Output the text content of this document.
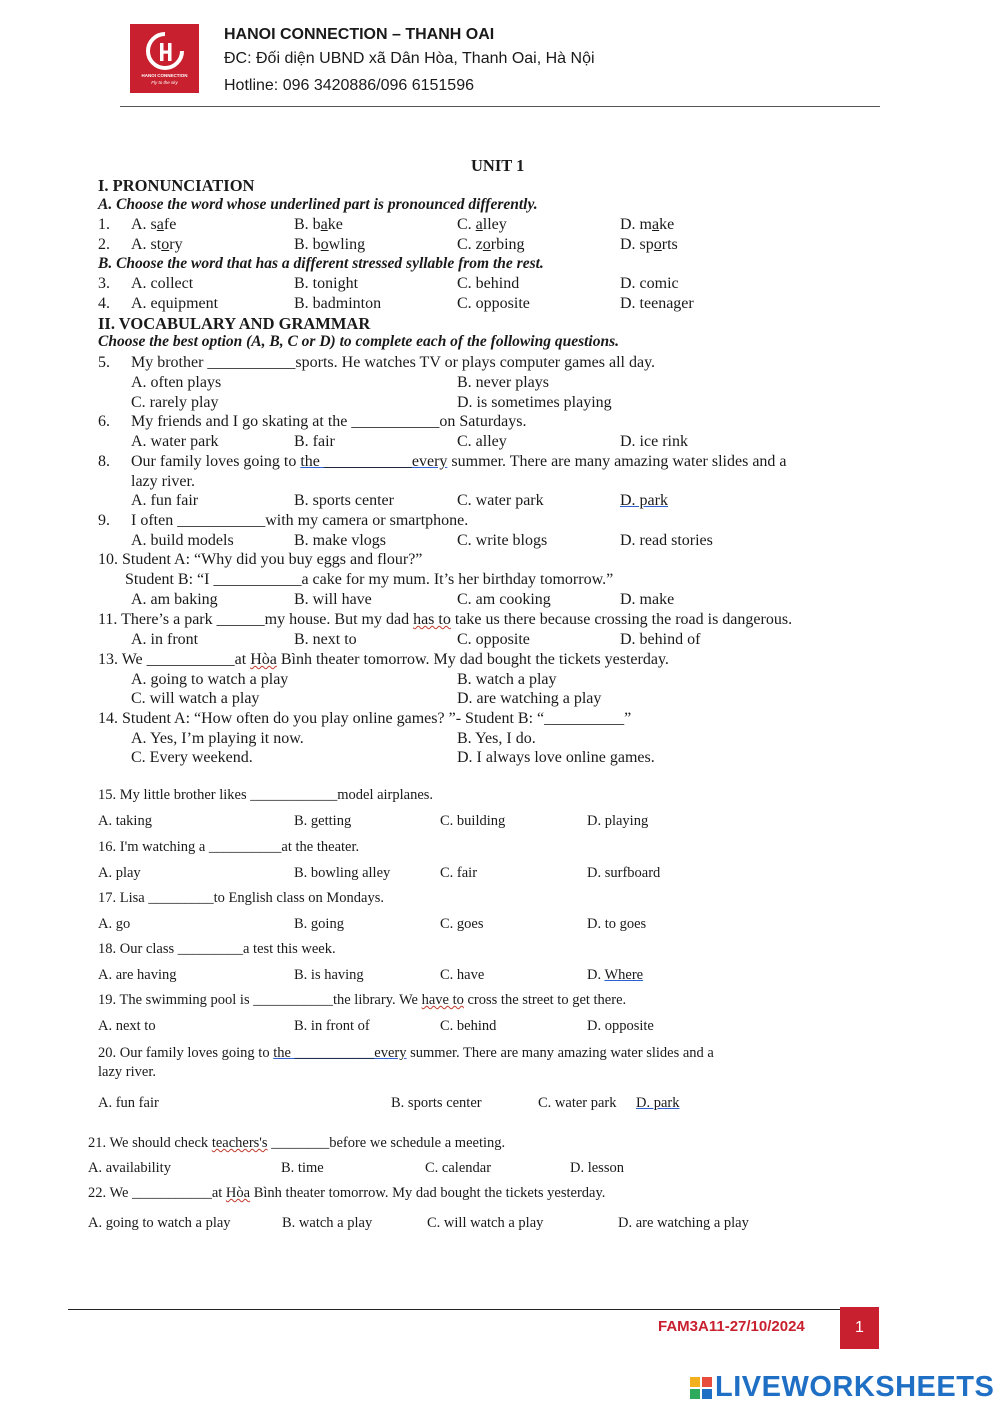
HANOI CONNECTION
Fly to the sky
HANOI CONNECTION – THANH OAI
ĐC: Đối diện UBND xã Dân Hòa, Thanh Oai, Hà Nội
Hotline: 096 3420886/096 6151596
UNIT 1
I. PRONUNCIATION
A. Choose the word whose underlined part is pronounced differently.
1. A. safe	B. bake	C. alley	D. make
2. A. story	B. bowling	C. zorbing	D. sports
B. Choose the word that has a different stressed syllable from the rest.
3. A. collect	B. tonight	C. behind	D. comic
4. A. equipment	B. badminton	C. opposite	D. teenager
II. VOCABULARY AND GRAMMAR
Choose the best option (A, B, C or D) to complete each of the following questions.
5. My brother ___________sports. He watches TV or plays computer games all day.
A. often plays	B. never plays
C. rarely play	D. is sometimes playing
6. My friends and I go skating at the ___________on Saturdays.
A. water park	B. fair	C. alley	D. ice rink
8. Our family loves going to the ___________every summer. There are many amazing water slides and a
lazy river.
A. fun fair	B. sports center	C. water park	D. park
9. I often ___________with my camera or smartphone.
A. build models	B. make vlogs	C. write blogs	D. read stories
10. Student A: “Why did you buy eggs and flour?”
Student B: “I ___________a cake for my mum. It’s her birthday tomorrow.”
A. am baking	B. will have	C. am cooking	D. make
11. There’s a park ______my house. But my dad has to take us there because crossing the road is dangerous.
A. in front	B. next to	C. opposite	D. behind of
13. We ___________at Hòa Bình theater tomorrow. My dad bought the tickets yesterday.
A. going to watch a play	B. watch a play
C. will watch a play	D. are watching a play
14. Student A: “How often do you play online games? ”- Student B: “__________”
A. Yes, I’m playing it now.	B. Yes, I do.
C. Every weekend.	D. I always love online games.
15. My little brother likes ____________model airplanes.
A. taking	B. getting	C. building	D. playing
16. I'm watching a __________at the theater.
A. play	B. bowling alley	C. fair	D. surfboard
17. Lisa _________to English class on Mondays.
A. go	B. going	C. goes	D. to goes
18. Our class _________a test this week.
A. are having	B. is having	C. have	D. Where
19. The swimming pool is ___________the library. We have to cross the street to get there.
A. next to	B. in front of	C. behind	D. opposite
20. Our family loves going to the ___________every summer. There are many amazing water slides and a
lazy river.
A. fun fair	B. sports center	C. water park D. park
21. We should check teachers's ________before we schedule a meeting.
A. availability	B. time	C. calendar	D. lesson
22. We ___________at Hòa Bình theater tomorrow. My dad bought the tickets yesterday.
A. going to watch a play	B. watch a play	C. will watch a play	D. are watching a play
FAM3A11-27/10/2024	1
LIVEWORKSHEETS
